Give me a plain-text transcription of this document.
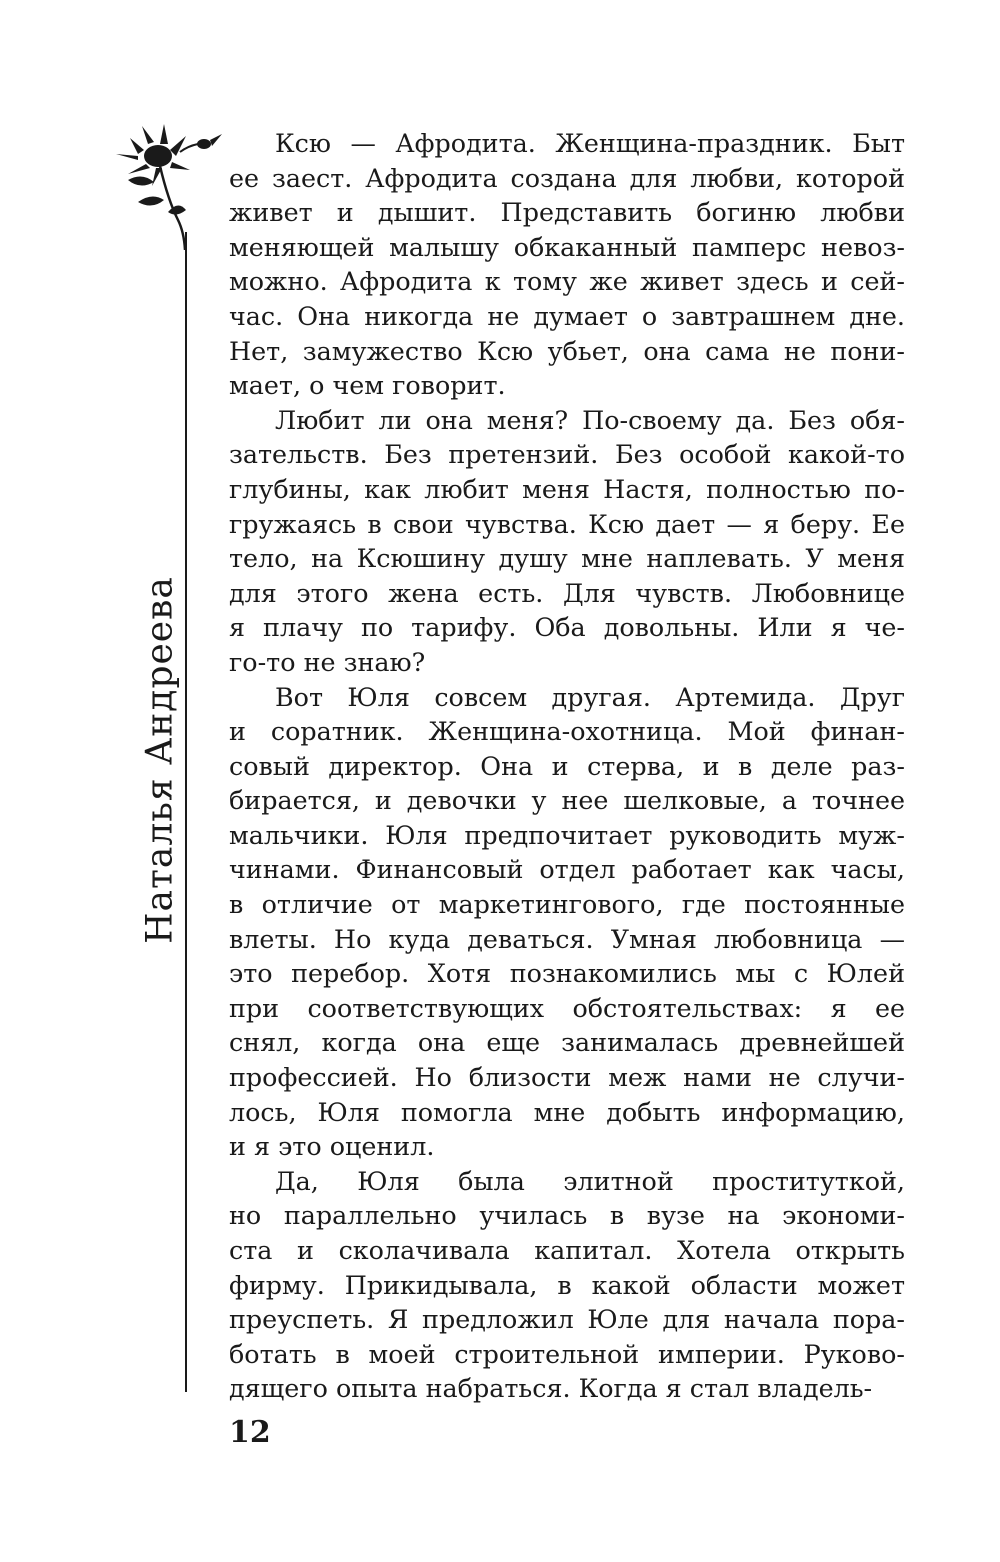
Наталья Андреева
Ксю — Афродита. Женщина-праздник. Быт
ее заест. Афродита создана для любви, которой
живет и дышит. Представить богиню любви
меняющей малышу обкаканный памперс невоз-
можно. Афродита к тому же живет здесь и сей-
час. Она никогда не думает о завтрашнем дне.
Нет, замужество Ксю убьет, она сама не пони-
мает, о чем говорит.
Любит ли она меня? По-своему да. Без обя-
зательств. Без претензий. Без особой какой-то
глубины, как любит меня Настя, полностью по-
гружаясь в свои чувства. Ксю дает — я беру. Ее
тело, на Ксюшину душу мне наплевать. У меня
для этого жена есть. Для чувств. Любовнице
я плачу по тарифу. Оба довольны. Или я че-
го-то не знаю?
Вот Юля совсем другая. Артемида. Друг
и соратник. Женщина-охотница. Мой финан-
совый директор. Она и стерва, и в деле раз-
бирается, и девочки у нее шелковые, а точнее
мальчики. Юля предпочитает руководить муж-
чинами. Финансовый отдел работает как часы,
в отличие от маркетингового, где постоянные
влеты. Но куда деваться. Умная любовница —
это перебор. Хотя познакомились мы с Юлей
при соответствующих обстоятельствах: я ее
снял, когда она еще занималась древнейшей
профессией. Но близости меж нами не случи-
лось, Юля помогла мне добыть информацию,
и я это оценил.
Да, Юля была элитной проституткой,
но параллельно училась в вузе на экономи-
ста и сколачивала капитал. Хотела открыть
фирму. Прикидывала, в какой области может
преуспеть. Я предложил Юле для начала пора-
ботать в моей строительной империи. Руково-
дящего опыта набраться. Когда я стал владель-
12
